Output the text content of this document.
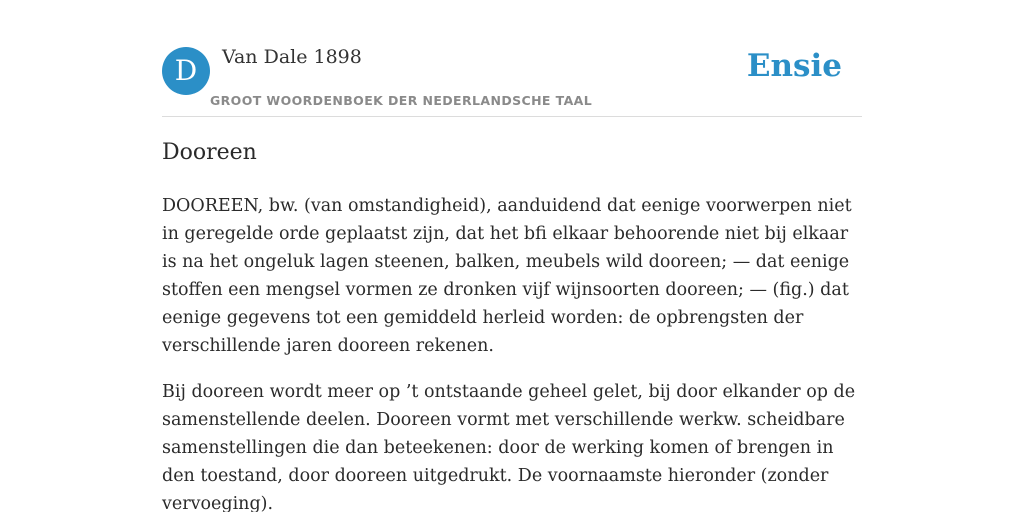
D	Van Dale 1898
GROOT WOORDENBOEK DER NEDERLANDSCHE TAAL
Ensie
Dooreen

DOOREEN, bw. (van omstandigheid), aanduidend dat eenige voorwerpen niet in geregelde orde geplaatst zijn, dat het bfi elkaar behoorende niet bij elkaar is na het ongeluk lagen steenen, balken, meubels wild dooreen; — dat eenige stoffen een mengsel vormen ze dronken vijf wijnsoorten dooreen; — (fig.) dat eenige gegevens tot een gemiddeld herleid worden: de opbrengsten der verschillende jaren dooreen rekenen.

Bij dooreen wordt meer op ’t ontstaande geheel gelet, bij door elkander op de samenstellende deelen. Dooreen vormt met verschillende werkw. scheidbare samenstellingen die dan beteekenen: door de werking komen of brengen in den toestand, door dooreen uitgedrukt. De voornaamste hieronder (zonder vervoeging).
